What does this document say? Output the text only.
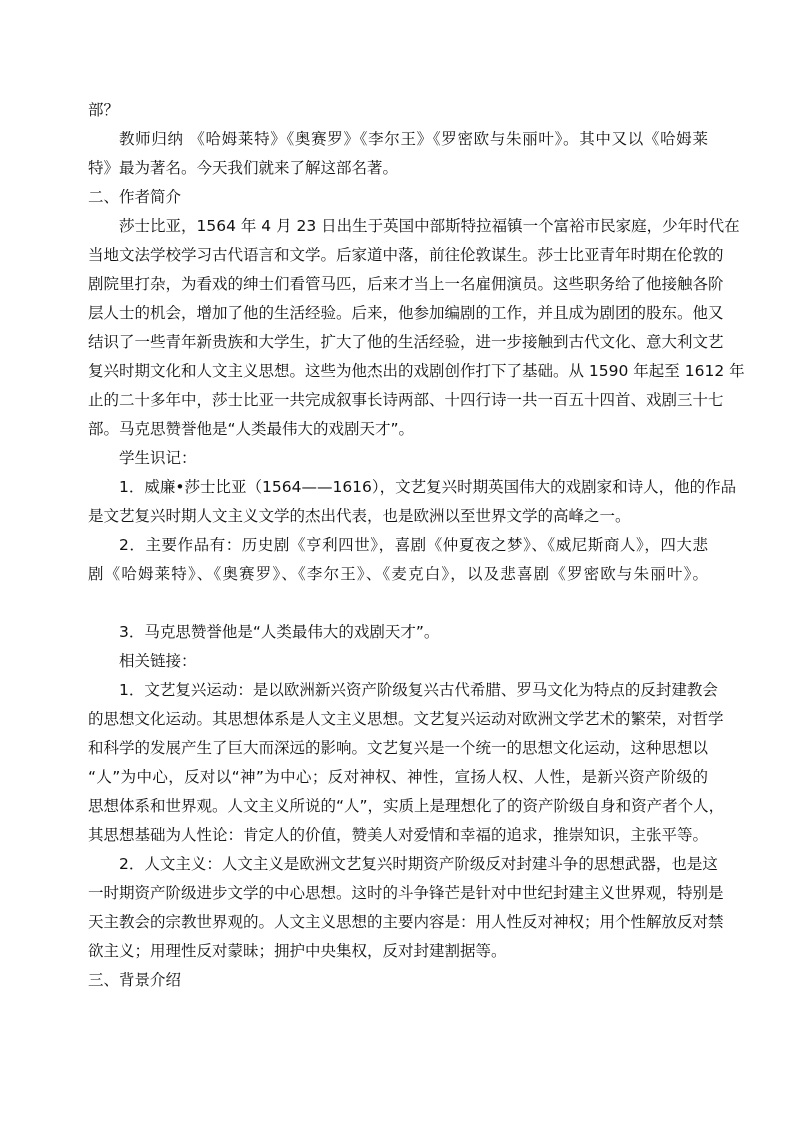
部？
教师归纳 《哈姆莱特》《奥赛罗》《李尔王》《罗密欧与朱丽叶》。其中又以《哈姆莱
特》最为著名。今天我们就来了解这部名著。
二、作者简介
莎士比亚，1564 年 4 月 23 日出生于英国中部斯特拉福镇一个富裕市民家庭，少年时代在
当地文法学校学习古代语言和文学。后家道中落，前往伦敦谋生。莎士比亚青年时期在伦敦的
剧院里打杂，为看戏的绅士们看管马匹，后来才当上一名雇佣演员。这些职务给了他接触各阶
层人士的机会，增加了他的生活经验。后来，他参加编剧的工作，并且成为剧团的股东。他又
结识了一些青年新贵族和大学生，扩大了他的生活经验，进一步接触到古代文化、意大利文艺
复兴时期文化和人文主义思想。这些为他杰出的戏剧创作打下了基础。从 1590 年起至 1612 年
止的二十多年中，莎士比亚一共完成叙事长诗两部、十四行诗一共一百五十四首、戏剧三十七
部。马克思赞誉他是“人类最伟大的戏剧天才”。
学生识记：
1．威廉•莎士比亚（1564——1616），文艺复兴时期英国伟大的戏剧家和诗人，他的作品
是文艺复兴时期人文主义文学的杰出代表，也是欧洲以至世界文学的高峰之一。
2．主要作品有：历史剧《亨利四世》，喜剧《仲夏夜之梦》、《威尼斯商人》，四大悲
剧《哈姆莱特》、《奥赛罗》、《李尔王》、《麦克白》，以及悲喜剧《罗密欧与朱丽叶》。
3．马克思赞誉他是“人类最伟大的戏剧天才”。
相关链接：
1．文艺复兴运动：是以欧洲新兴资产阶级复兴古代希腊、罗马文化为特点的反封建教会
的思想文化运动。其思想体系是人文主义思想。文艺复兴运动对欧洲文学艺术的繁荣，对哲学
和科学的发展产生了巨大而深远的影响。文艺复兴是一个统一的思想文化运动，这种思想以
“人”为中心，反对以“神”为中心；反对神权、神性，宣扬人权、人性，是新兴资产阶级的
思想体系和世界观。人文主义所说的“人”，实质上是理想化了的资产阶级自身和资产者个人，
其思想基础为人性论：肯定人的价值，赞美人对爱情和幸福的追求，推崇知识，主张平等。
2．人文主义：人文主义是欧洲文艺复兴时期资产阶级反对封建斗争的思想武器，也是这
一时期资产阶级进步文学的中心思想。这时的斗争锋芒是针对中世纪封建主义世界观，特别是
天主教会的宗教世界观的。人文主义思想的主要内容是：用人性反对神权；用个性解放反对禁
欲主义；用理性反对蒙昧；拥护中央集权，反对封建割据等。
三、背景介绍
